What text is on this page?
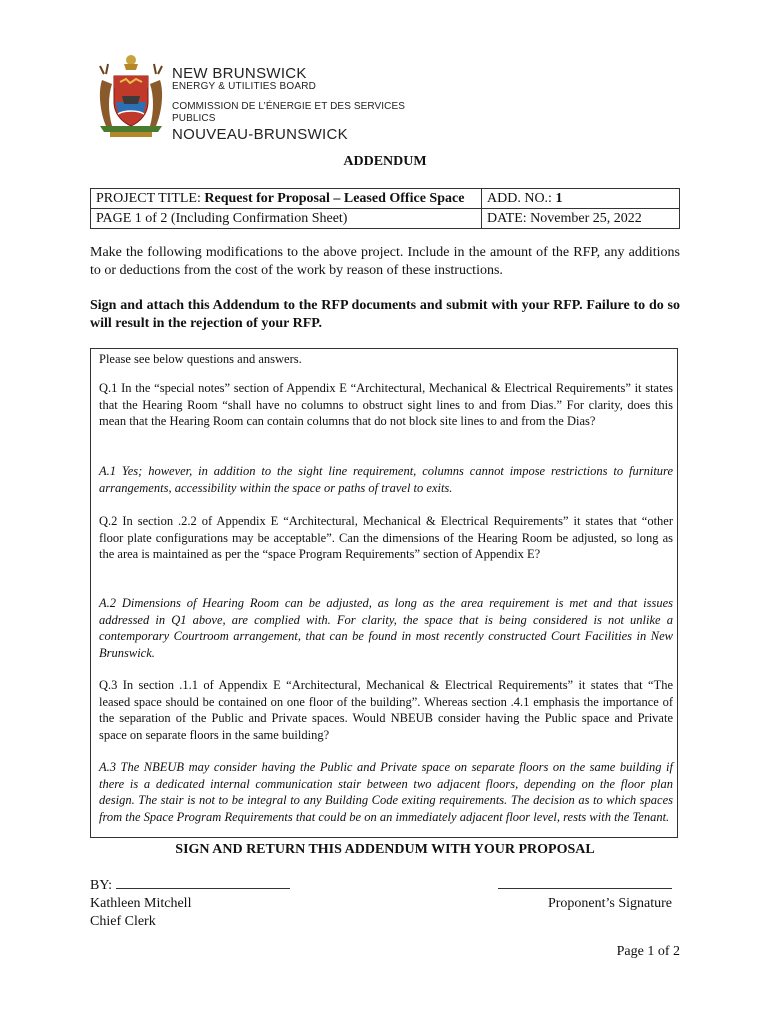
NEW BRUNSWICK
ENERGY & UTILITIES BOARD
COMMISSION DE L’ÉNERGIE ET DES SERVICES PUBLICS
NOUVEAU-BRUNSWICK
ADDENDUM
PROJECT TITLE: Request for Proposal – Leased Office Space	ADD. NO.: 1
PAGE 1 of 2 (Including Confirmation Sheet)	DATE: November 25, 2022
Make the following modifications to the above project. Include in the amount of the RFP, any additions to or deductions from the cost of the work by reason of these instructions.
Sign and attach this Addendum to the RFP documents and submit with your RFP. Failure to do so will result in the rejection of your RFP.

Please see below questions and answers.

Q.1 In the “special notes” section of Appendix E “Architectural, Mechanical & Electrical Requirements” it states that the Hearing Room “shall have no columns to obstruct sight lines to and from Dias.” For clarity, does this mean that the Hearing Room can contain columns that do not block site lines to and from the Dias?

A.1 Yes; however, in addition to the sight line requirement, columns cannot impose restrictions to furniture arrangements, accessibility within the space or paths of travel to exits.

Q.2 In section .2.2 of Appendix E “Architectural, Mechanical & Electrical Requirements” it states that “other floor plate configurations may be acceptable”. Can the dimensions of the Hearing Room be adjusted, so long as the area is maintained as per the “space Program Requirements” section of Appendix E?

A.2 Dimensions of Hearing Room can be adjusted, as long as the area requirement is met and that issues addressed in Q1 above, are complied with. For clarity, the space that is being considered is not unlike a contemporary Courtroom arrangement, that can be found in most recently constructed Court Facilities in New Brunswick.

Q.3 In section .1.1 of Appendix E “Architectural, Mechanical & Electrical Requirements” it states that “The leased space should be contained on one floor of the building”. Whereas section .4.1 emphasis the importance of the separation of the Public and Private spaces. Would NBEUB consider having the Public space and Private space on separate floors in the same building?

A.3 The NBEUB may consider having the Public and Private space on separate floors on the same building if there is a dedicated internal communication stair between two adjacent floors, depending on the floor plan design. The stair is not to be integral to any Building Code exiting requirements. The decision as to which spaces from the Space Program Requirements that could be on an immediately adjacent floor level, rests with the Tenant.

SIGN AND RETURN THIS ADDENDUM WITH YOUR PROPOSAL
BY:
Kathleen Mitchell
Chief Clerk
Proponent’s Signature
Page 1 of 2
